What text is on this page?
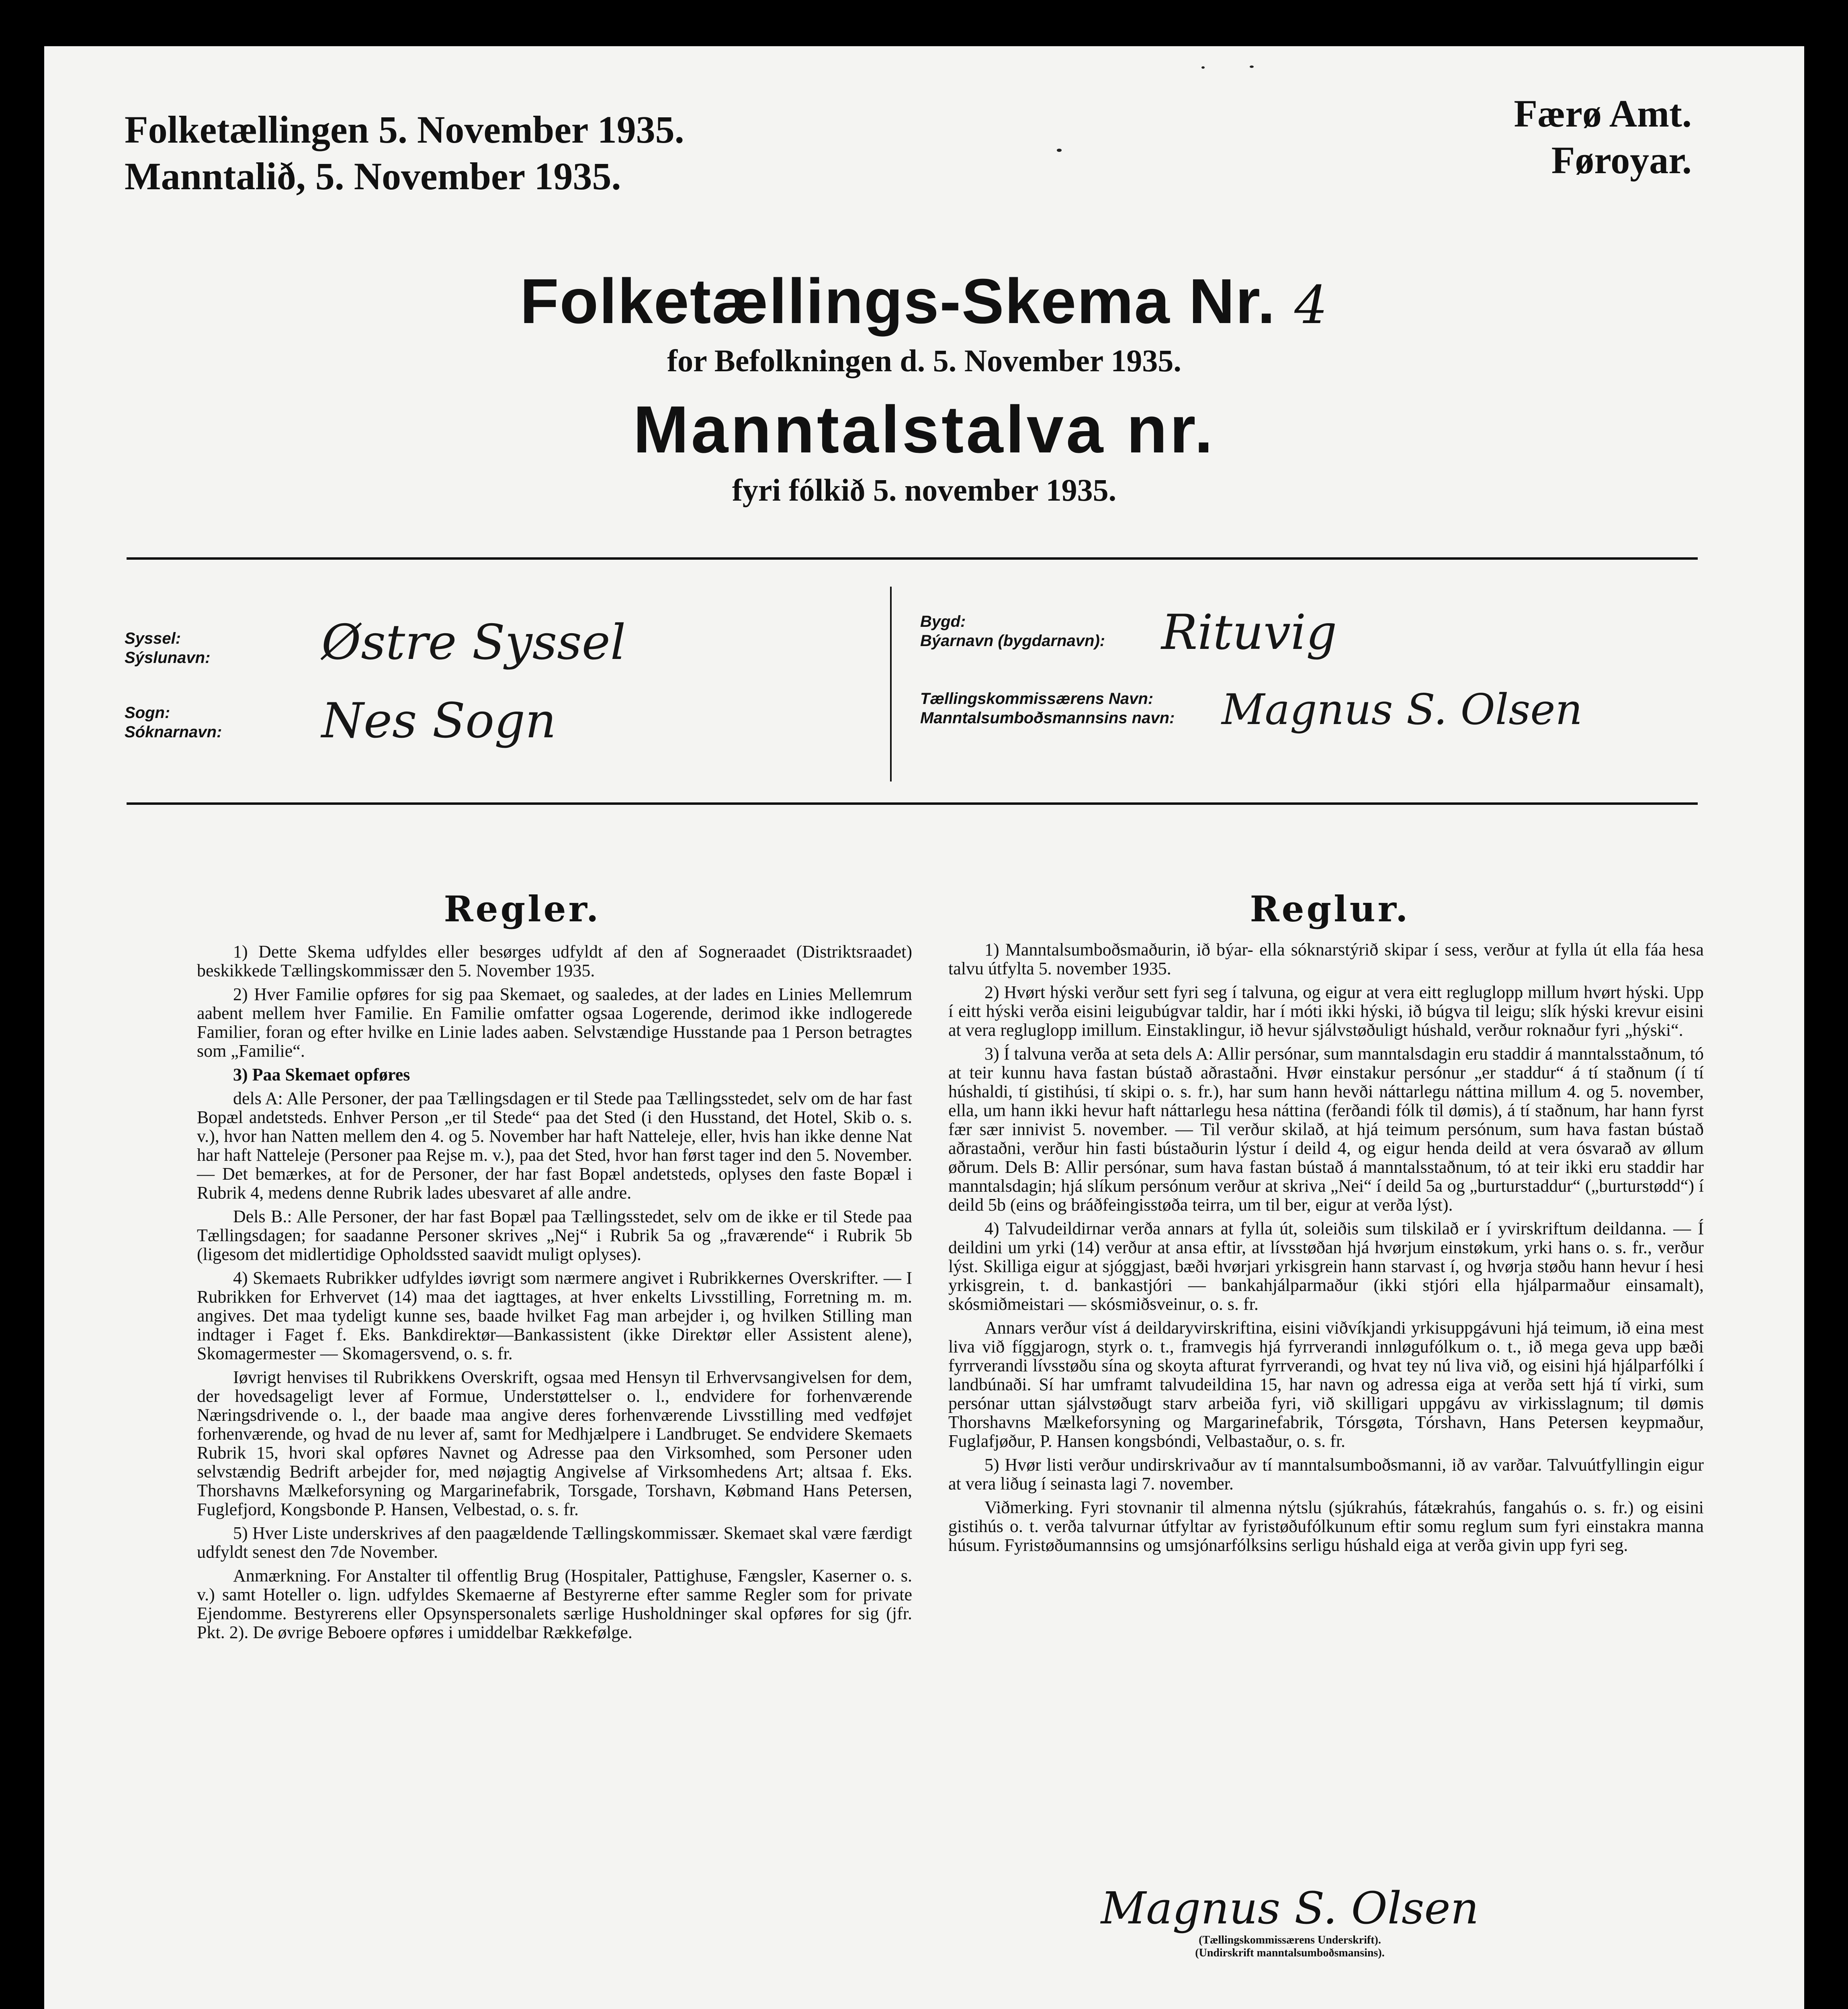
Folketællingen 5. November 1935.
Manntalið, 5. November 1935.
Færø Amt.
Føroyar.
Folketællings-Skema Nr. 4
for Befolkningen d. 5. November 1935.
Manntalstalva nr.
fyri fólkið 5. november 1935.
Syssel:
Sýslunavn: Østre Syssel
Sogn:
Sóknarnavn: Nes Sogn
Bygd:
Býarnavn (bygdarnavn): Rituvig
Tællingskommissærens Navn:
Manntalsumboðsmannsins navn: Magnus S. Olsen
Regler.

1) Dette Skema udfyldes eller besørges udfyldt af den af Sogneraadet (Distriktsraadet) beskikkede Tællingskommissær den 5. November 1935.

2) Hver Familie opføres for sig paa Skemaet, og saaledes, at der lades en Linies Mellemrum aabent mellem hver Familie. En Familie omfatter ogsaa Logerende, derimod ikke indlogerede Familier, foran og efter hvilke en Linie lades aaben. Selvstændige Husstande paa 1 Person betragtes som „Familie“.

3) Paa Skemaet opføres

dels A: Alle Personer, der paa Tællingsdagen er til Stede paa Tællingsstedet, selv om de har fast Bopæl andetsteds. Enhver Person „er til Stede“ paa det Sted (i den Husstand, det Hotel, Skib o. s. v.), hvor han Natten mellem den 4. og 5. November har haft Natteleje, eller, hvis han ikke denne Nat har haft Natteleje (Personer paa Rejse m. v.), paa det Sted, hvor han først tager ind den 5. November. — Det bemærkes, at for de Personer, der har fast Bopæl andetsteds, oplyses den faste Bopæl i Rubrik 4, medens denne Rubrik lades ubesvaret af alle andre.

Dels B.: Alle Personer, der har fast Bopæl paa Tællingsstedet, selv om de ikke er til Stede paa Tællingsdagen; for saadanne Personer skrives „Nej“ i Rubrik 5a og „fraværende“ i Rubrik 5b (ligesom det midlertidige Opholdssted saavidt muligt oplyses).

4) Skemaets Rubrikker udfyldes iøvrigt som nærmere angivet i Rubrikkernes Overskrifter. — I Rubrikken for Erhvervet (14) maa det iagttages, at hver enkelts Livsstilling, Forretning m. m. angives. Det maa tydeligt kunne ses, baade hvilket Fag man arbejder i, og hvilken Stilling man indtager i Faget f. Eks. Bankdirektør—Bankassistent (ikke Direktør eller Assistent alene), Skomagermester — Skomagersvend, o. s. fr.

Iøvrigt henvises til Rubrikkens Overskrift, ogsaa med Hensyn til Erhvervsangivelsen for dem, der hovedsageligt lever af Formue, Understøttelser o. l., endvidere for forhenværende Næringsdrivende o. l., der baade maa angive deres forhenværende Livsstilling med vedføjet forhenværende, og hvad de nu lever af, samt for Medhjælpere i Landbruget. Se endvidere Skemaets Rubrik 15, hvori skal opføres Navnet og Adresse paa den Virksomhed, som Personer uden selvstændig Bedrift arbejder for, med nøjagtig Angivelse af Virksomhedens Art; altsaa f. Eks. Thorshavns Mælkeforsyning og Margarinefabrik, Torsgade, Torshavn, Købmand Hans Petersen, Fuglefjord, Kongsbonde P. Hansen, Velbestad, o. s. fr.

5) Hver Liste underskrives af den paagældende Tællingskommissær. Skemaet skal være færdigt udfyldt senest den 7de November.

Anmærkning. For Anstalter til offentlig Brug (Hospitaler, Pattighuse, Fængsler, Kaserner o. s. v.) samt Hoteller o. lign. udfyldes Skemaerne af Bestyrerne efter samme Regler som for private Ejendomme. Bestyrerens eller Opsynspersonalets særlige Husholdninger skal opføres for sig (jfr. Pkt. 2). De øvrige Beboere opføres i umiddelbar Rækkefølge.

Reglur.

1) Manntalsumboðsmaðurin, ið býar- ella sóknarstýrið skipar í sess, verður at fylla út ella fáa hesa talvu útfylta 5. november 1935.

2) Hvørt hýski verður sett fyri seg í talvuna, og eigur at vera eitt regluglopp millum hvørt hýski. Upp í eitt hýski verða eisini leigubúgvar taldir, har í móti ikki hýski, ið búgva til leigu; slík hýski krevur eisini at vera regluglopp imillum. Einstaklingur, ið hevur sjálvstøðuligt húshald, verður roknaður fyri „hýski“.

3) Í talvuna verða at seta dels A: Allir persónar, sum manntalsdagin eru staddir á manntalsstaðnum, tó at teir kunnu hava fastan bústað aðrastaðni. Hvør einstakur persónur „er staddur“ á tí staðnum (í tí húshaldi, tí gistihúsi, tí skipi o. s. fr.), har sum hann hevði náttarlegu náttina millum 4. og 5. november, ella, um hann ikki hevur haft náttarlegu hesa náttina (ferðandi fólk til dømis), á tí staðnum, har hann fyrst fær sær innivist 5. november. — Til verður skilað, at hjá teimum persónum, sum hava fastan bústað aðrastaðni, verður hin fasti bústaðurin lýstur í deild 4, og eigur henda deild at vera ósvarað av øllum øðrum. Dels B: Allir persónar, sum hava fastan bústað á manntalsstaðnum, tó at teir ikki eru staddir har manntalsdagin; hjá slíkum persónum verður at skriva „Nei“ í deild 5a og „burturstaddur“ („burturstødd“) í deild 5b (eins og bráðfeingisstøða teirra, um til ber, eigur at verða lýst).

4) Talvudeildirnar verða annars at fylla út, soleiðis sum tilskilað er í yvirskriftum deildanna. — Í deildini um yrki (14) verður at ansa eftir, at lívsstøðan hjá hvørjum einstøkum, yrki hans o. s. fr., verður lýst. Skilliga eigur at sjóggjast, bæði hvørjari yrkisgrein hann starvast í, og hvørja støðu hann hevur í hesi yrkisgrein, t. d. bankastjóri — bankahjálparmaður (ikki stjóri ella hjálparmaður einsamalt), skósmiðmeistari — skósmiðsveinur, o. s. fr.

Annars verður víst á deildaryvirskriftina, eisini viðvíkjandi yrkisuppgávuni hjá teimum, ið eina mest liva við fíggjarogn, styrk o. t., framvegis hjá fyrrverandi innløgufólkum o. t., ið mega geva upp bæði fyrrverandi lívsstøðu sína og skoyta afturat fyrrverandi, og hvat tey nú liva við, og eisini hjá hjálparfólki í landbúnaði. Sí har umframt talvudeildina 15, har navn og adressa eiga at verða sett hjá tí virki, sum persónar uttan sjálvstøðugt starv arbeiða fyri, við skilligari uppgávu av virkisslagnum; til dømis Thorshavns Mælkeforsyning og Margarinefabrik, Tórsgøta, Tórshavn, Hans Petersen keypmaður, Fuglafjøður, P. Hansen kongsbóndi, Velbastaður, o. s. fr.

5) Hvør listi verður undirskrivaður av tí manntalsumboðsmanni, ið av varðar. Talvuútfyllingin eigur at vera liðug í seinasta lagi 7. november.

Viðmerking. Fyri stovnanir til almenna nýtslu (sjúkrahús, fátækrahús, fangahús o. s. fr.) og eisini gistihús o. t. verða talvurnar útfyltar av fyristøðufólkunum eftir somu reglum sum fyri einstakra manna húsum. Fyristøðumannsins og umsjónarfólksins serligu húshald eiga at verða givin upp fyri seg.

Magnus S. Olsen
(Tællingskommissærens Underskrift).
(Undirskrift manntalsumboðsmansins).
